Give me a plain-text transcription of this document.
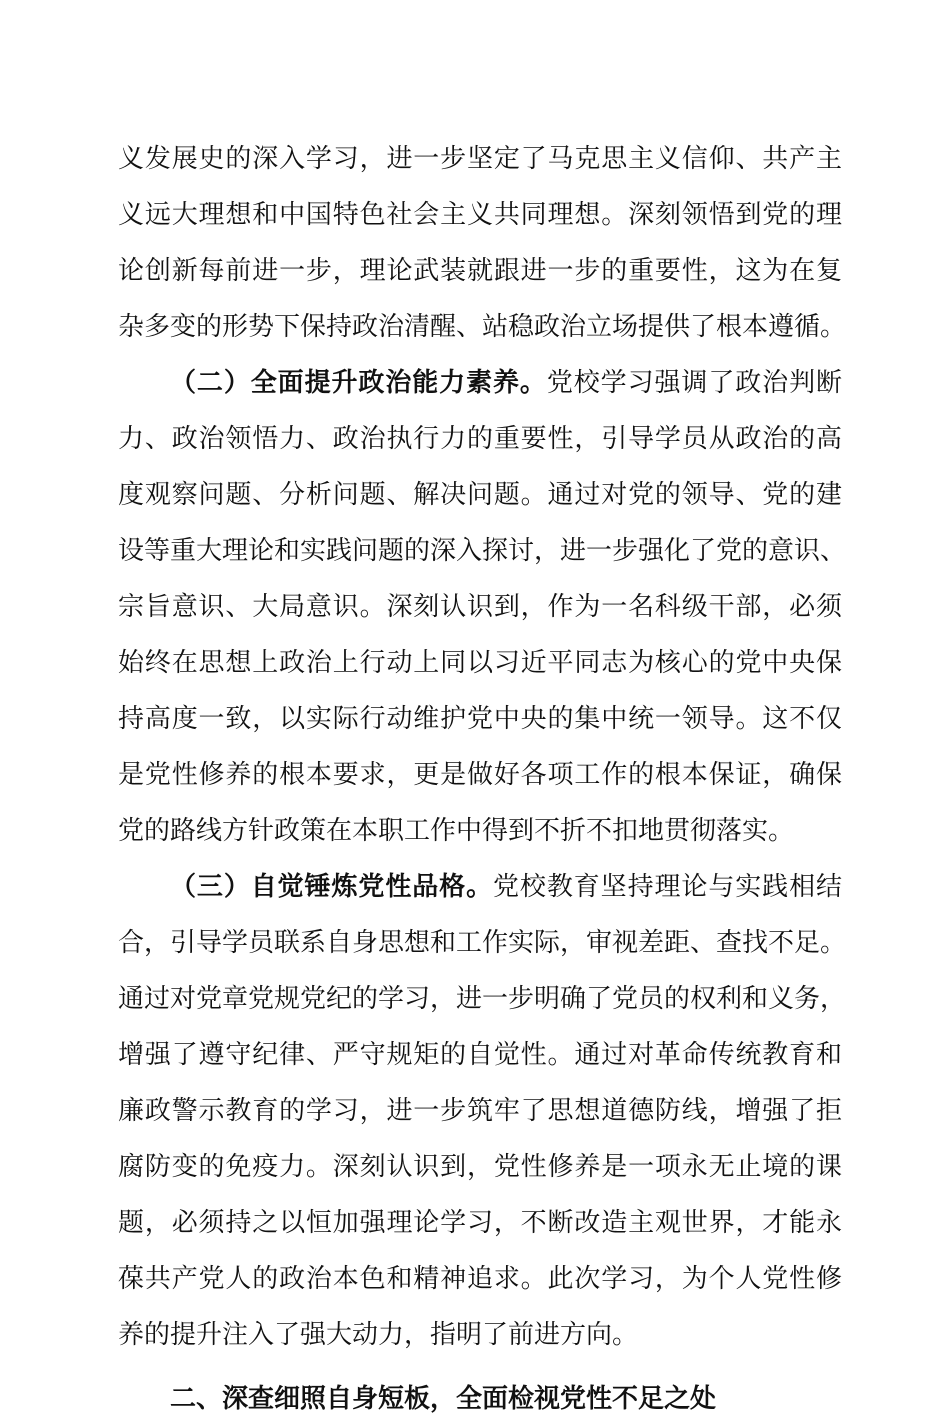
义发展史的深入学习，进一步坚定了马克思主义信仰、共产主
义远大理想和中国特色社会主义共同理想。深刻领悟到党的理
论创新每前进一步，理论武装就跟进一步的重要性，这为在复
杂多变的形势下保持政治清醒、站稳政治立场提供了根本遵循。
（二）全面提升政治能力素养。党校学习强调了政治判断
力、政治领悟力、政治执行力的重要性，引导学员从政治的高
度观察问题、分析问题、解决问题。通过对党的领导、党的建
设等重大理论和实践问题的深入探讨，进一步强化了党的意识、
宗旨意识、大局意识。深刻认识到，作为一名科级干部，必须
始终在思想上政治上行动上同以习近平同志为核心的党中央保
持高度一致，以实际行动维护党中央的集中统一领导。这不仅
是党性修养的根本要求，更是做好各项工作的根本保证，确保
党的路线方针政策在本职工作中得到不折不扣地贯彻落实。
（三）自觉锤炼党性品格。党校教育坚持理论与实践相结
合，引导学员联系自身思想和工作实际，审视差距、查找不足。
通过对党章党规党纪的学习，进一步明确了党员的权利和义务，
增强了遵守纪律、严守规矩的自觉性。通过对革命传统教育和
廉政警示教育的学习，进一步筑牢了思想道德防线，增强了拒
腐防变的免疫力。深刻认识到，党性修养是一项永无止境的课
题，必须持之以恒加强理论学习，不断改造主观世界，才能永
葆共产党人的政治本色和精神追求。此次学习，为个人党性修
养的提升注入了强大动力，指明了前进方向。
二、深查细照自身短板，全面检视党性不足之处
